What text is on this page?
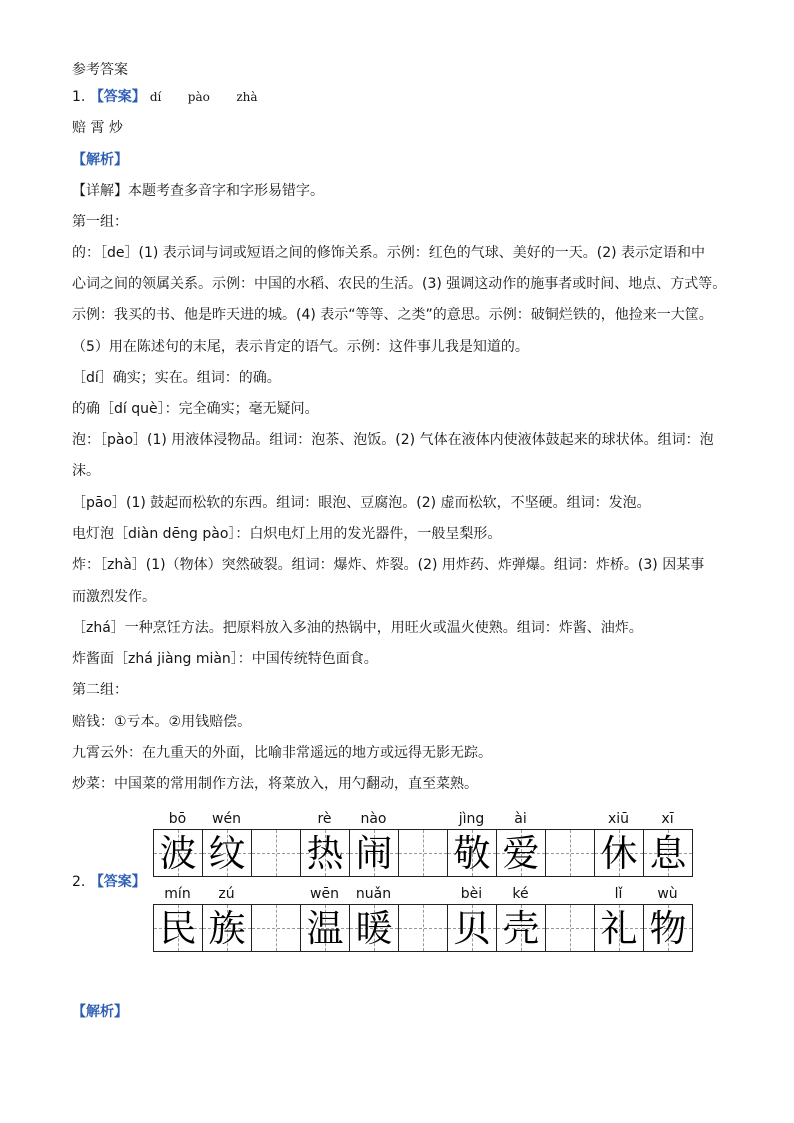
参考答案
1. 【答案】 dí pào zhà
赔 霄 炒
【解析】
【详解】本题考查多音字和字形易错字。
第一组：
的：［de］(1) 表示词与词或短语之间的修饰关系。示例：红色的气球、美好的一天。(2) 表示定语和中
心词之间的领属关系。示例：中国的水稻、农民的生活。(3) 强调这动作的施事者或时间、地点、方式等。
示例：我买的书、他是昨天进的城。(4) 表示“等等、之类”的意思。示例：破铜烂铁的，他捡来一大筐。
（5）用在陈述句的末尾，表示肯定的语气。示例：这件事儿我是知道的。
［dí］确实；实在。组词：的确。
的确［dí què］：完全确实；毫无疑问。
泡：［pào］(1) 用液体浸物品。组词：泡茶、泡饭。(2) 气体在液体内使液体鼓起来的球状体。组词：泡
沫。
［pāo］(1) 鼓起而松软的东西。组词：眼泡、豆腐泡。(2) 虚而松软，不坚硬。组词：发泡。
电灯泡［diàn dēng pào］：白炽电灯上用的发光器件，一般呈梨形。
炸：［zhà］(1)（物体）突然破裂。组词：爆炸、炸裂。(2) 用炸药、炸弹爆。组词：炸桥。(3) 因某事
而激烈发作。
［zhá］一种烹饪方法。把原料放入多油的热锅中，用旺火或温火使熟。组词：炸酱、油炸。
炸酱面［zhá jiàng miàn］：中国传统特色面食。
第二组：
赔钱：①亏本。②用钱赔偿。
九霄云外：在九重天的外面，比喻非常遥远的地方或远得无影无踪。
炒菜：中国菜的常用制作方法，将菜放入，用勺翻动，直至菜熟。
2. 【答案】
bō	wén	rè	nào	jìng	ài	xiū	xī
波 纹 热 闹 敬 爱 休 息
mín	zú	wēn	nuǎn	bèi	ké	lǐ	wù
民 族 温 暖 贝 壳 礼 物
【解析】
